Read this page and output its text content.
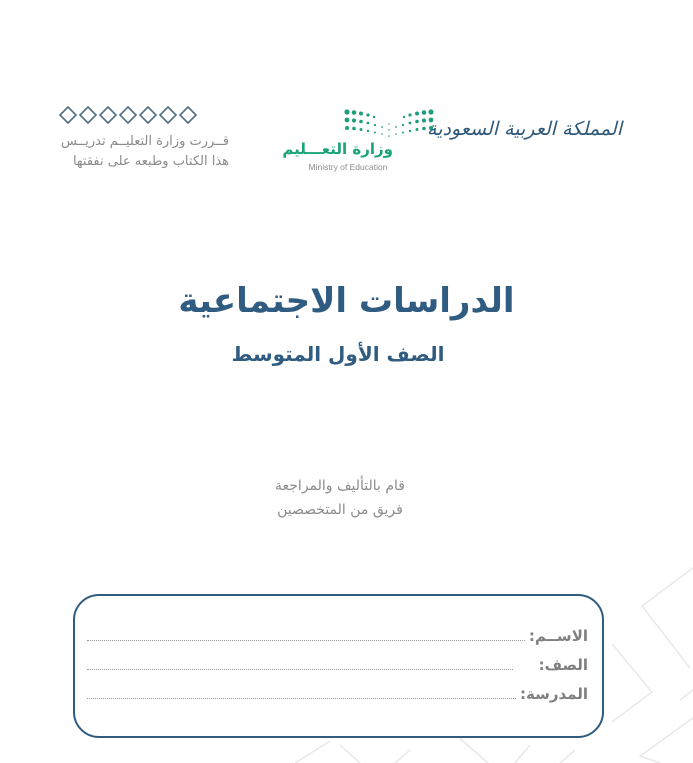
قــررت وزارة التعليــم تدريــس
هذا الكتاب وطبعه على نفقتها
وزارة التعـــليم
Ministry of Education
المملكة العربية السعودية
الدراسات الاجتماعية
الصف الأول المتوسط
قام بالتأليف والمراجعة
فريق من المتخصصين
الاســم:
الصف:
المدرسة:
